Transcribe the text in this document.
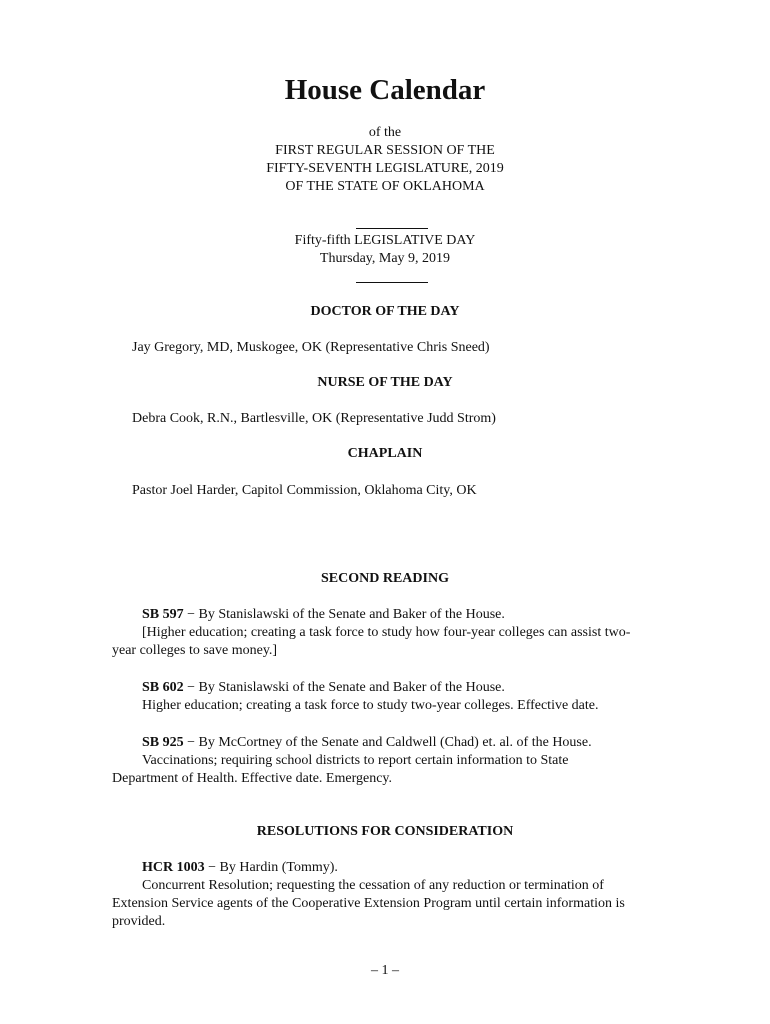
House Calendar
of the
FIRST REGULAR SESSION OF THE
FIFTY-SEVENTH LEGISLATURE, 2019
OF THE STATE OF OKLAHOMA
Fifty-fifth LEGISLATIVE DAY
Thursday, May 9, 2019
DOCTOR OF THE DAY
Jay Gregory, MD, Muskogee, OK (Representative Chris Sneed)
NURSE OF THE DAY
Debra Cook, R.N., Bartlesville, OK (Representative Judd Strom)
CHAPLAIN
Pastor Joel Harder, Capitol Commission, Oklahoma City, OK
SECOND READING

SB 597 − By Stanislawski of the Senate and Baker of the House.

[Higher education; creating a task force to study how four-year colleges can assist two-

year colleges to save money.]

SB 602 − By Stanislawski of the Senate and Baker of the House.

Higher education; creating a task force to study two-year colleges. Effective date.

SB 925 − By McCortney of the Senate and Caldwell (Chad) et. al. of the House.

Vaccinations; requiring school districts to report certain information to State

Department of Health. Effective date. Emergency.

RESOLUTIONS FOR CONSIDERATION

HCR 1003 − By Hardin (Tommy).

Concurrent Resolution; requesting the cessation of any reduction or termination of

Extension Service agents of the Cooperative Extension Program until certain information is

provided.

– 1 –
